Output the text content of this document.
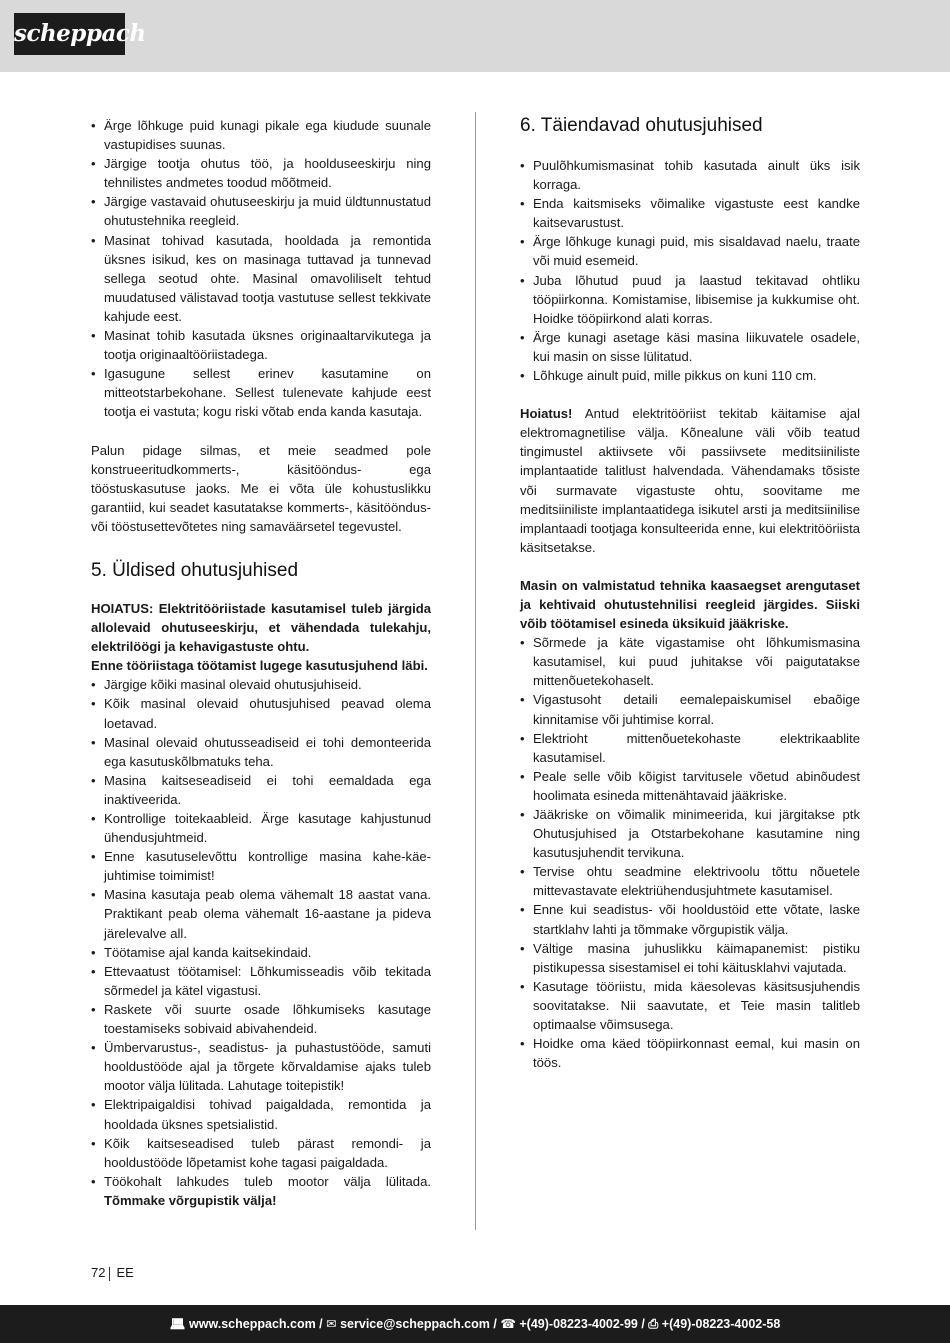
scheppach
• Ärge lõhkuge puid kunagi pikale ega kiudude suunale vastupidises suunas.
• Järgige tootja ohutus töö, ja hoolduseeskirju ning tehnilistes andmetes toodud mõõtmeid.
• Järgige vastavaid ohutuseeskirju ja muid üldtunnustatud ohutustehnika reegleid.
• Masinat tohivad kasutada, hooldada ja remontida üksnes isikud, kes on masinaga tuttavad ja tunnevad sellega seotud ohte. Masinal omavoliliselt tehtud muudatused välistavad tootja vastutuse sellest tekkivate kahjude eest.
• Masinat tohib kasutada üksnes originaaltarvikutega ja tootja originaaltööriistadega.
• Igasugune sellest erinev kasutamine on mitteotstarbekohane. Sellest tulenevate kahjude eest tootja ei vastuta; kogu riski võtab enda kanda kasutaja.

Palun pidage silmas, et meie seadmed pole konstrueeritudkommerts-, käsitööndus- ega tööstuskasutuse jaoks. Me ei võta üle kohustuslikku garantiid, kui seadet kasutatakse kommerts-, käsitööndus- või tööstusettevõtetes ning samaväärsetel tegevustel.

5. Üldised ohutusjuhised

HOIATUS: Elektritööriistade kasutamisel tuleb järgida allolevaid ohutuseeskirju, et vähendada tulekahju, elektrilöögi ja kehavigastuste ohtu.

Enne tööriistaga töötamist lugege kasutusjuhend läbi.

• Järgige kõiki masinal olevaid ohutusjuhiseid.
• Kõik masinal olevaid ohutusjuhised peavad olema loetavad.
• Masinal olevaid ohutusseadiseid ei tohi demonteerida ega kasutuskõlbmatuks teha.
• Masina kaitseseadiseid ei tohi eemaldada ega inaktiveerida.
• Kontrollige toitekaableid. Ärge kasutage kahjustunud ühendusjuhtmeid.
• Enne kasutuselevõttu kontrollige masina kahe-käe-juhtimise toimimist!
• Masina kasutaja peab olema vähemalt 18 aastat vana. Praktikant peab olema vähemalt 16-aastane ja pideva järelevalve all.
• Töötamise ajal kanda kaitsekindaid.
• Ettevaatust töötamisel: Lõhkumisseadis võib tekitada sõrmedel ja kätel vigastusi.
• Raskete või suurte osade lõhkumiseks kasutage toestamiseks sobivaid abivahendeid.
• Ümbervarustus-, seadistus- ja puhastustööde, samuti hooldustööde ajal ja tõrgete kõrvaldamise ajaks tuleb mootor välja lülitada. Lahutage toitepistik!
• Elektripaigaldisi tohivad paigaldada, remontida ja hooldada üksnes spetsialistid.
• Kõik kaitseseadised tuleb pärast remondi- ja hooldustööde lõpetamist kohe tagasi paigaldada.
• Töökohalt lahkudes tuleb mootor välja lülitada. Tõmmake võrgupistik välja!
6. Täiendavad ohutusjuhised
• Puulõhkumismasinat tohib kasutada ainult üks isik korraga.
• Enda kaitsmiseks võimalike vigastuste eest kandke kaitsevarustust.
• Ärge lõhkuge kunagi puid, mis sisaldavad naelu, traate või muid esemeid.
• Juba lõhutud puud ja laastud tekitavad ohtliku tööpiirkonna. Komistamise, libisemise ja kukkumise oht. Hoidke tööpiirkond alati korras.
• Ärge kunagi asetage käsi masina liikuvatele osadele, kui masin on sisse lülitatud.
• Lõhkuge ainult puid, mille pikkus on kuni 110 cm.

Hoiatus! Antud elektritööriist tekitab käitamise ajal elektromagnetilise välja. Kõnealune väli võib teatud tingimustel aktiivsete või passiivsete meditsiiniliste implantaatide talitlust halvendada. Vähendamaks tõsiste või surmavate vigastuste ohtu, soovitame me meditsiiniliste implantaatidega isikutel arsti ja meditsiinilise implantaadi tootjaga konsulteerida enne, kui elektritööriista käsitsetakse.

Masin on valmistatud tehnika kaasaegset arengutaset ja kehtivaid ohutustehnilisi reegleid järgides. Siiski võib töötamisel esineda üksikuid jääkriske.

• Sõrmede ja käte vigastamise oht lõhkumismasina kasutamisel, kui puud juhitakse või paigutatakse mittenõuetekohaselt.
• Vigastusoht detaili eemalepaiskumisel ebaõige kinnitamise või juhtimise korral.
• Elektrioht mittenõuetekohaste elektrikaablite kasutamisel.
• Peale selle võib kõigist tarvitusele võetud abinõudest hoolimata esineda mittenähtavaid jääkriske.
• Jääkriske on võimalik minimeerida, kui järgitakse ptk Ohutusjuhised ja Otstarbekohane kasutamine ning kasutusjuhendit tervikuna.
• Tervise ohtu seadmine elektrivoolu tõttu nõuetele mittevastavate elektriühendusjuhtmete kasutamisel.
• Enne kui seadistus- või hooldustöid ette võtate, laske startklahv lahti ja tõmmake võrgupistik välja.
• Vältige masina juhuslikku käimapanemist: pistiku pistikupessa sisestamisel ei tohi käitusklahvi vajutada.
• Kasutage tööriistu, mida käesolevas käsitsusjuhendis soovitatakse. Nii saavutate, et Teie masin talitleb optimaalse võimsusega.
• Hoidke oma käed tööpiirkonnast eemal, kui masin on töös.
72 EE
💻︎ www.scheppach.com / ✉︎ service@scheppach.com / ☎︎ +(49)-08223-4002-99 / ⎙ +(49)-08223-4002-58
